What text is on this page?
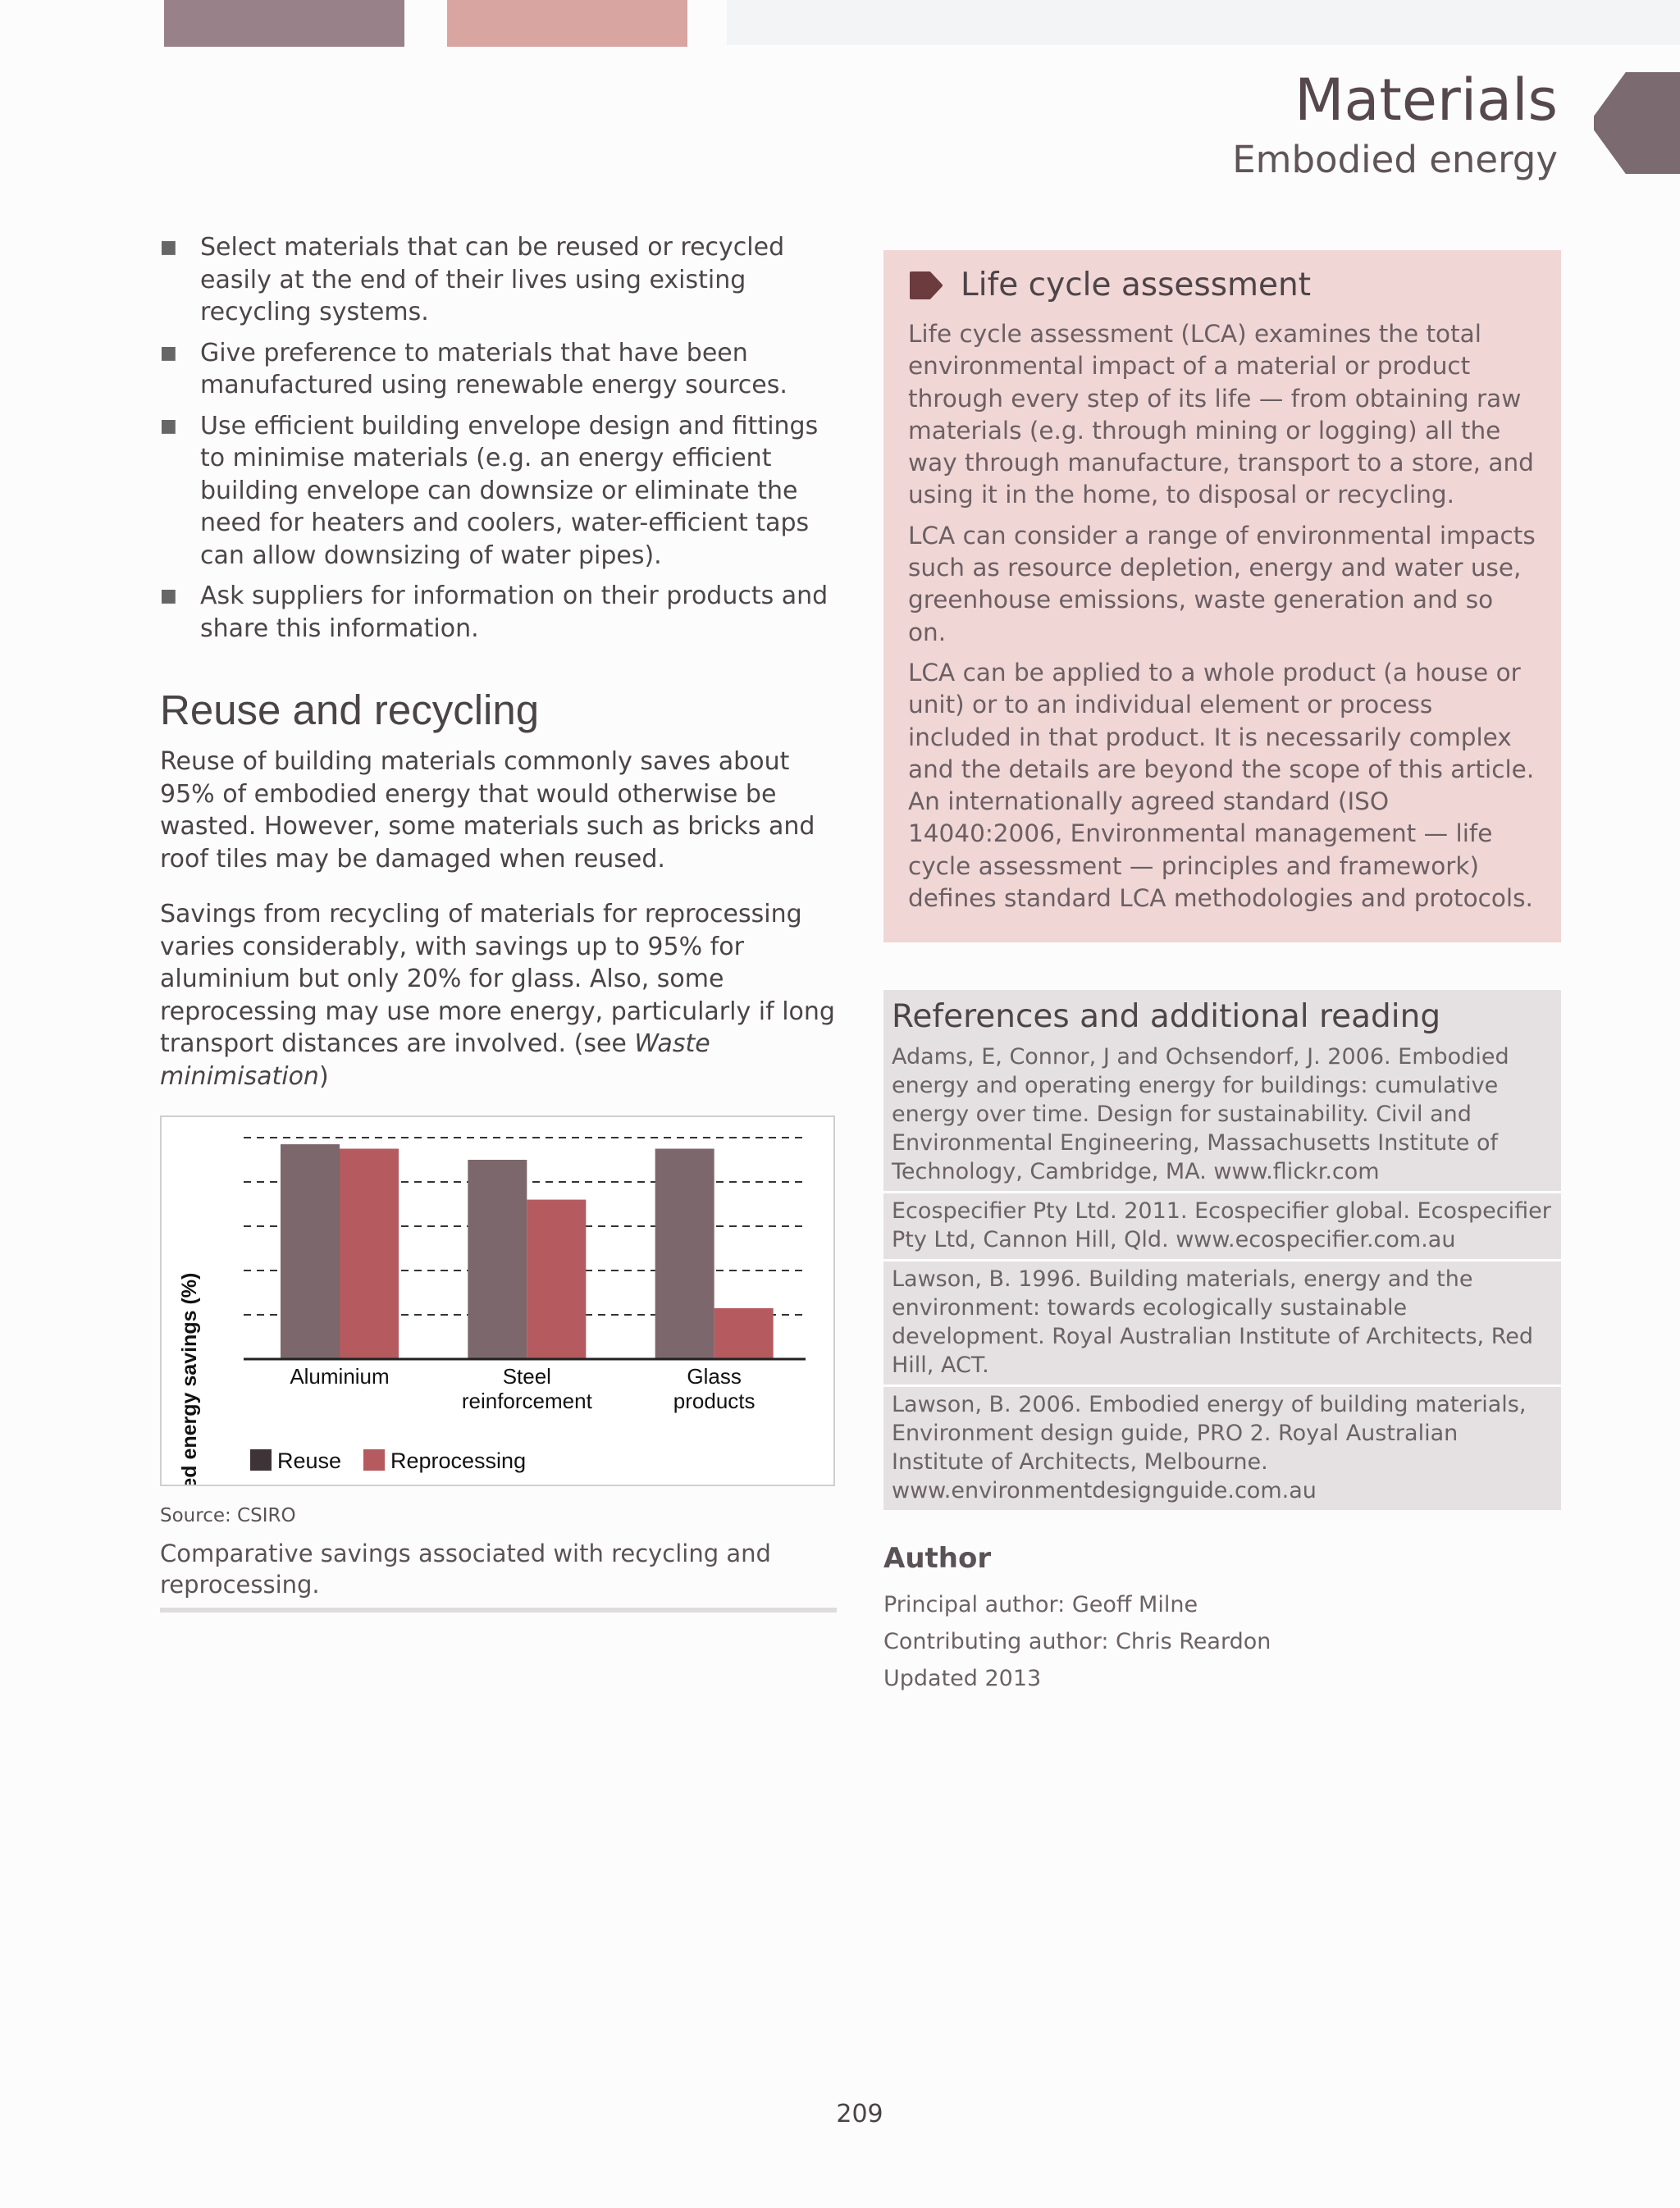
Materials
Embodied energy
■ Select materials that can be reused or recycled easily at the end of their lives using existing recycling systems.
■ Give preference to materials that have been manufactured using renewable energy sources.
■ Use efficient building envelope design and fittings to minimise materials (e.g. an energy efficient building envelope can downsize or eliminate the need for heaters and coolers, water-efficient taps can allow downsizing of water pipes).
■ Ask suppliers for information on their products and share this information.
Reuse and recycling

Reuse of building materials commonly saves about 95% of embodied energy that would otherwise be wasted. However, some materials such as bricks and roof tiles may be damaged when reused.

Savings from recycling of materials for reprocessing varies considerably, with savings up to 95% for aluminium but only 20% for glass. Also, some reprocessing may use more energy, particularly if long transport distances are involved. (see Waste minimisation)

Aluminium	Steel
reinforcement
Glass
products
Embodied energy savings (%)	Reuse Reprocessing
Source: CSIRO
Comparative savings associated with recycling and reprocessing.
Life cycle assessment

Life cycle assessment (LCA) examines the total environmental impact of a material or product through every step of its life — from obtaining raw materials (e.g. through mining or logging) all the way through manufacture, transport to a store, and using it in the home, to disposal or recycling.

LCA can consider a range of environmental impacts such as resource depletion, energy and water use, greenhouse emissions, waste generation and so on.

LCA can be applied to a whole product (a house or unit) or to an individual element or process included in that product. It is necessarily complex and the details are beyond the scope of this article. An internationally agreed standard (ISO 14040:2006, Environmental management — life cycle assessment — principles and framework) defines standard LCA methodologies and protocols.

References and additional reading
Adams, E, Connor, J and Ochsendorf, J. 2006. Embodied energy and operating energy for buildings: cumulative energy over time. Design for sustainability. Civil and Environmental Engineering, Massachusetts Institute of Technology, Cambridge, MA. www.flickr.com
Ecospecifier Pty Ltd. 2011. Ecospecifier global. Ecospecifier Pty Ltd, Cannon Hill, Qld. www.ecospecifier.com.au
Lawson, B. 1996. Building materials, energy and the environment: towards ecologically sustainable development. Royal Australian Institute of Architects, Red Hill, ACT.
Lawson, B. 2006. Embodied energy of building materials, Environment design guide, PRO 2. Royal Australian Institute of Architects, Melbourne. www.environmentdesignguide.com.au
Author
Principal author: Geoff Milne
Contributing author: Chris Reardon
Updated 2013
209
